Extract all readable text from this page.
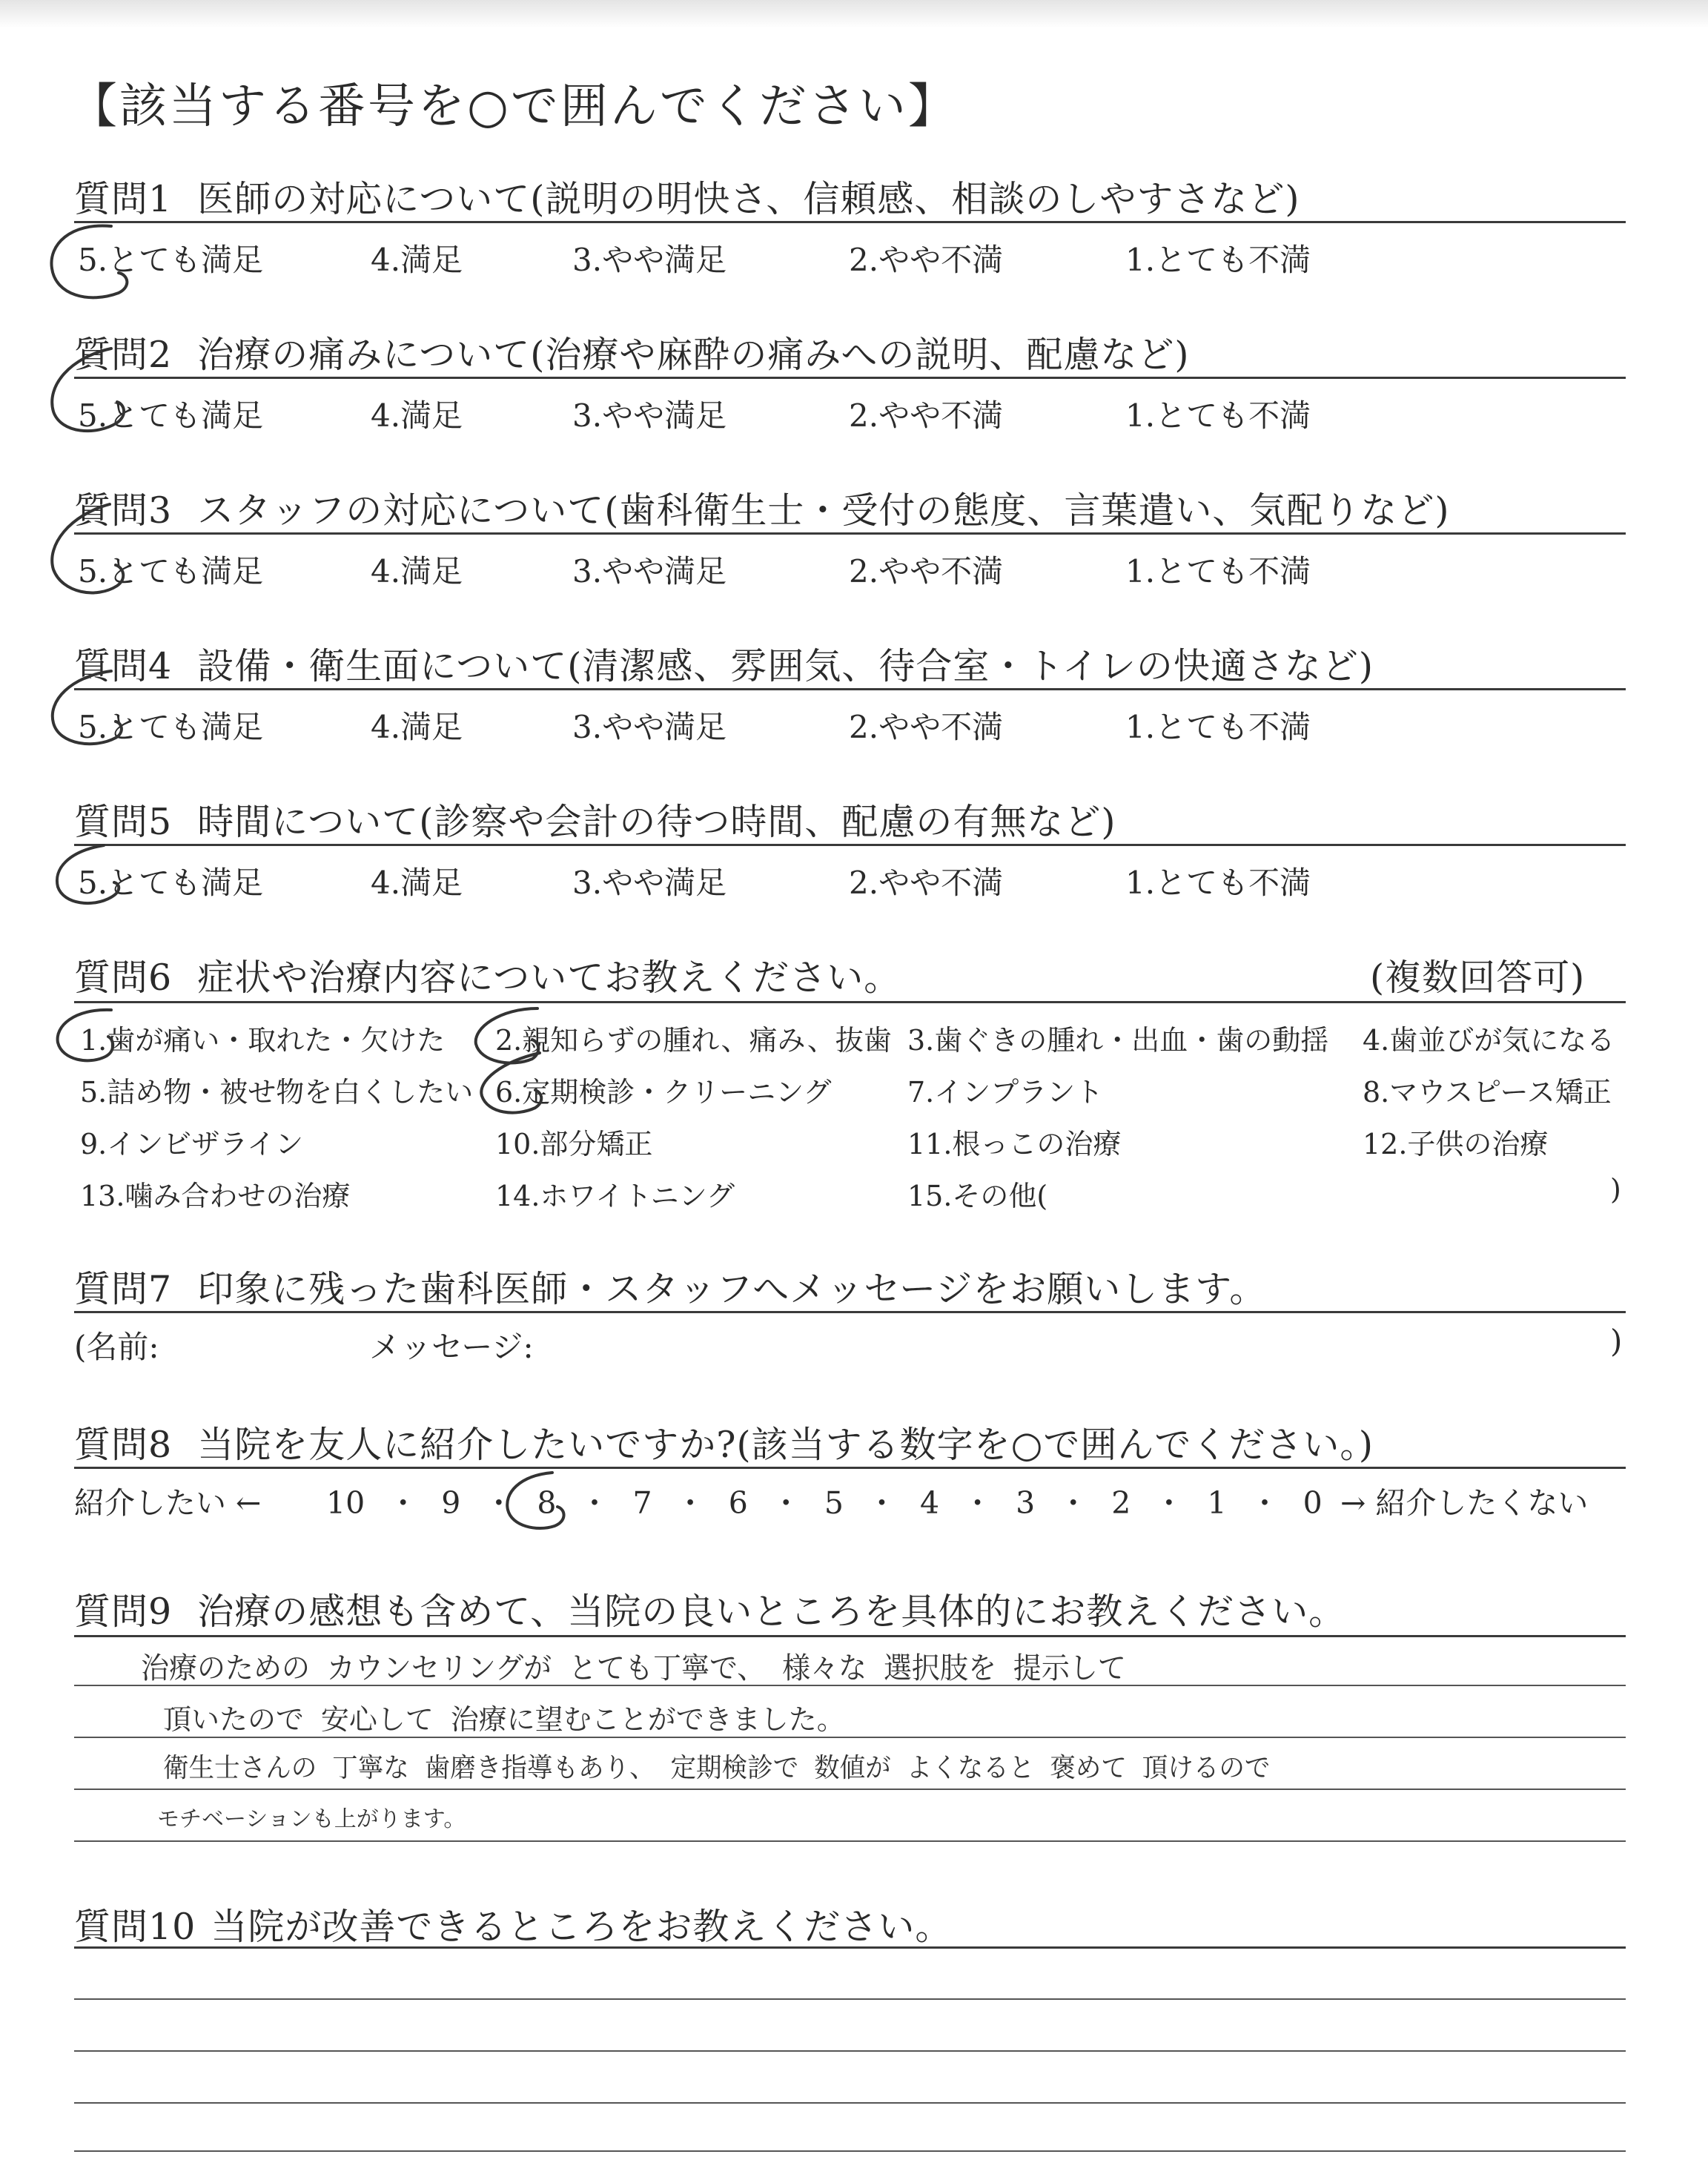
【該当する番号を○で囲んでください】
質問1 医師の対応について(説明の明快さ、信頼感、相談のしやすさなど)
5.とても満足	4.満足	3.やや満足	2.やや不満	1.とても不満
質問2 治療の痛みについて(治療や麻酔の痛みへの説明、配慮など)
5.とても満足	4.満足	3.やや満足	2.やや不満	1.とても不満
質問3 スタッフの対応について(歯科衛生士・受付の態度、言葉遣い、気配りなど)
5.とても満足	4.満足	3.やや満足	2.やや不満	1.とても不満
質問4 設備・衛生面について(清潔感、雰囲気、待合室・トイレの快適さなど)
5.とても満足	4.満足	3.やや満足	2.やや不満	1.とても不満
質問5 時間について(診察や会計の待つ時間、配慮の有無など)
5.とても満足	4.満足	3.やや満足	2.やや不満	1.とても不満
質問6 症状や治療内容についてお教えください。	(複数回答可)
1.歯が痛い・取れた・欠けた 2.親知らずの腫れ、痛み、抜歯 3.歯ぐきの腫れ・出血・歯の動揺 4.歯並びが気になる
5.詰め物・被せ物を白くしたい 6.定期検診・クリーニング	7.インプラント	8.マウスピース矯正
9.インビザライン	10.部分矯正	11.根っこの治療	12.子供の治療
13.噛み合わせの治療	14.ホワイトニング	15.その他(	)
質問7 印象に残った歯科医師・スタッフへメッセージをお願いします。
(名前:	メッセージ:	)
質問8 当院を友人に紹介したいですか?(該当する数字を○で囲んでください。)
紹介したい ← 10 ・ 9 ・ 8 ・ 7 ・ 6 ・ 5 ・ 4 ・ 3 ・ 2 ・ 1 ・ 0 → 紹介したくない
質問9 治療の感想も含めて、当院の良いところを具体的にお教えください。
治療のための カウンセリングが とても丁寧で、 様々な 選択肢を 提示して
頂いたので 安心して 治療に望むことができました。
衛生士さんの 丁寧な 歯磨き指導もあり、 定期検診で 数値が よくなると 褒めて 頂けるので
モチベーションも上がります。
質問10 当院が改善できるところをお教えください。
